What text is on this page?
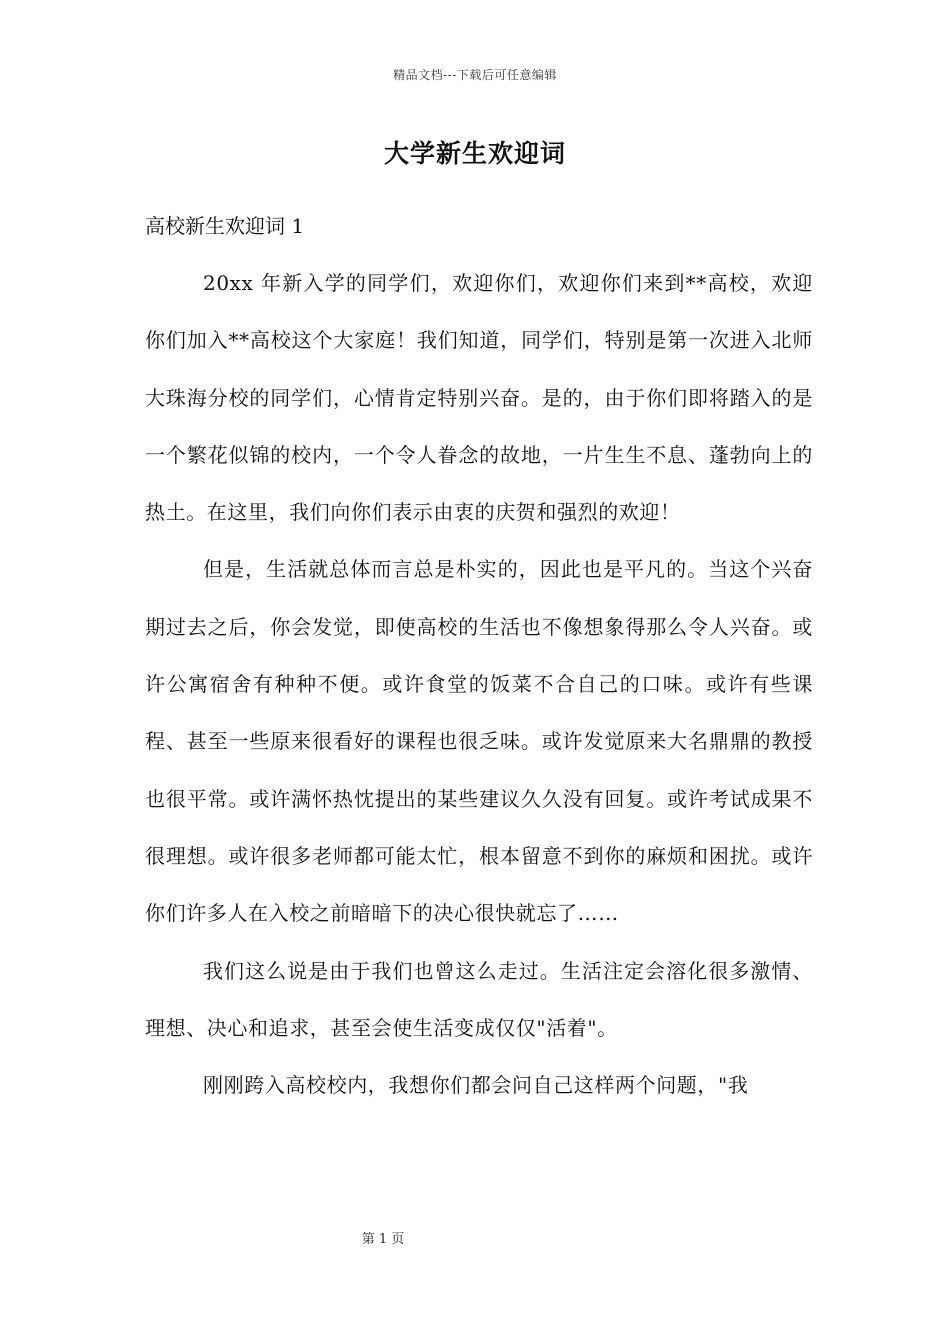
精品文档---下载后可任意编辑
大学新生欢迎词

高校新生欢迎词 1

20xx 年新入学的同学们，欢迎你们，欢迎你们来到**高校，欢迎你们加入**高校这个大家庭！我们知道，同学们，特别是第一次进入北师大珠海分校的同学们，心情肯定特别兴奋。是的，由于你们即将踏入的是一个繁花似锦的校内，一个令人眷念的故地，一片生生不息、蓬勃向上的热土。在这里，我们向你们表示由衷的庆贺和强烈的欢迎！

但是，生活就总体而言总是朴实的，因此也是平凡的。当这个兴奋期过去之后，你会发觉，即使高校的生活也不像想象得那么令人兴奋。或许公寓宿舍有种种不便。或许食堂的饭菜不合自己的口味。或许有些课程、甚至一些原来很看好的课程也很乏味。或许发觉原来大名鼎鼎的教授也很平常。或许满怀热忱提出的某些建议久久没有回复。或许考试成果不很理想。或许很多老师都可能太忙，根本留意不到你的麻烦和困扰。或许你们许多人在入校之前暗暗下的决心很快就忘了……

我们这么说是由于我们也曾这么走过。生活注定会溶化很多激情、理想、决心和追求，甚至会使生活变成仅仅"活着"。

刚刚跨入高校校内，我想你们都会问自己这样两个问题，"我

第 1 页
